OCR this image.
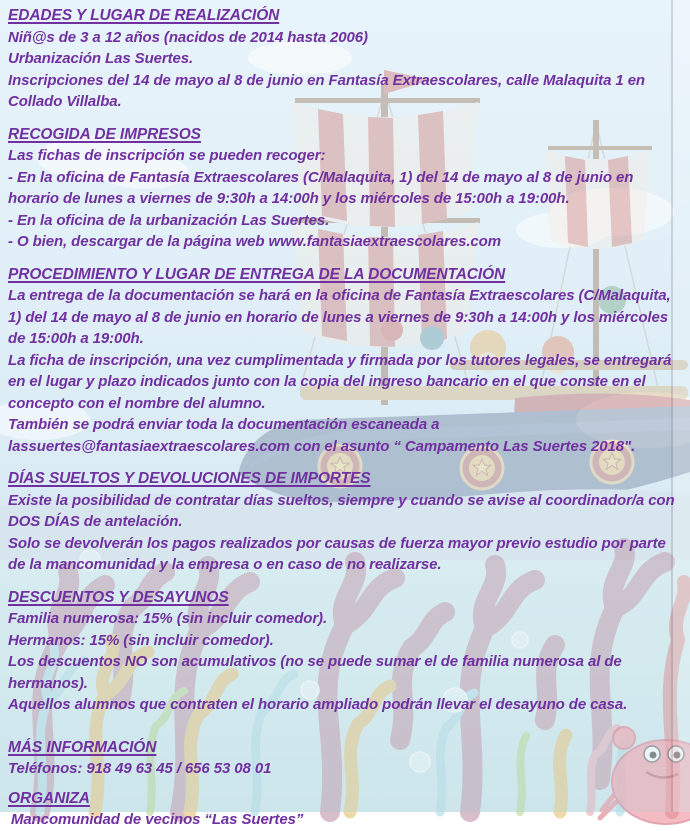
EDADES Y LUGAR DE REALIZACIÓN
Niñ@s de 3 a 12 años (nacidos de 2014 hasta 2006)
Urbanización Las Suertes.
Inscripciones del 14 de mayo al 8 de junio en Fantasía Extraescolares, calle Malaquita 1 en Collado Villalba.
RECOGIDA DE IMPRESOS
Las fichas de inscripción se pueden recoger:
- En la oficina de Fantasía Extraescolares (C/Malaquita, 1) del 14 de mayo al 8 de junio en horario de lunes a viernes de 9:30h a 14:00h y los miércoles de 15:00h a 19:00h.
- En la oficina de la urbanización Las Suertes.
- O bien, descargar de la página web www.fantasiaextraescolares.com
PROCEDIMIENTO Y LUGAR DE ENTREGA DE LA DOCUMENTACIÓN
La entrega de la documentación se hará en la oficina de Fantasía Extraescolares (C/Malaquita, 1) del 14 de mayo al 8 de junio en horario de lunes a viernes de 9:30h a 14:00h y los miércoles de 15:00h a 19:00h.
La ficha de inscripción, una vez cumplimentada y firmada por los tutores legales, se entregará en el lugar y plazo indicados junto con la copia del ingreso bancario en el que conste en el concepto con el nombre del alumno.
También se podrá enviar toda la documentación escaneada a lassuertes@fantasiaextraescolares.com con el asunto “ Campamento Las Suertes 2018".
DÍAS SUELTOS Y DEVOLUCIONES DE IMPORTES
Existe la posibilidad de contratar días sueltos, siempre y cuando se avise al coordinador/a con DOS DÍAS de antelación.
Solo se devolverán los pagos realizados por causas de fuerza mayor previo estudio por parte de la mancomunidad y la empresa o en caso de no realizarse.
DESCUENTOS Y DESAYUNOS
Familia numerosa: 15% (sin incluir comedor).
Hermanos: 15% (sin incluir comedor).
Los descuentos NO son acumulativos (no se puede sumar el de familia numerosa al de hermanos).
Aquellos alumnos que contraten el horario ampliado podrán llevar el desayuno de casa.
MÁS INFORMACIÓN
Teléfonos: 918 49 63 45 / 656 53 08 01
ORGANIZA
Mancomunidad de vecinos “Las Suertes”
